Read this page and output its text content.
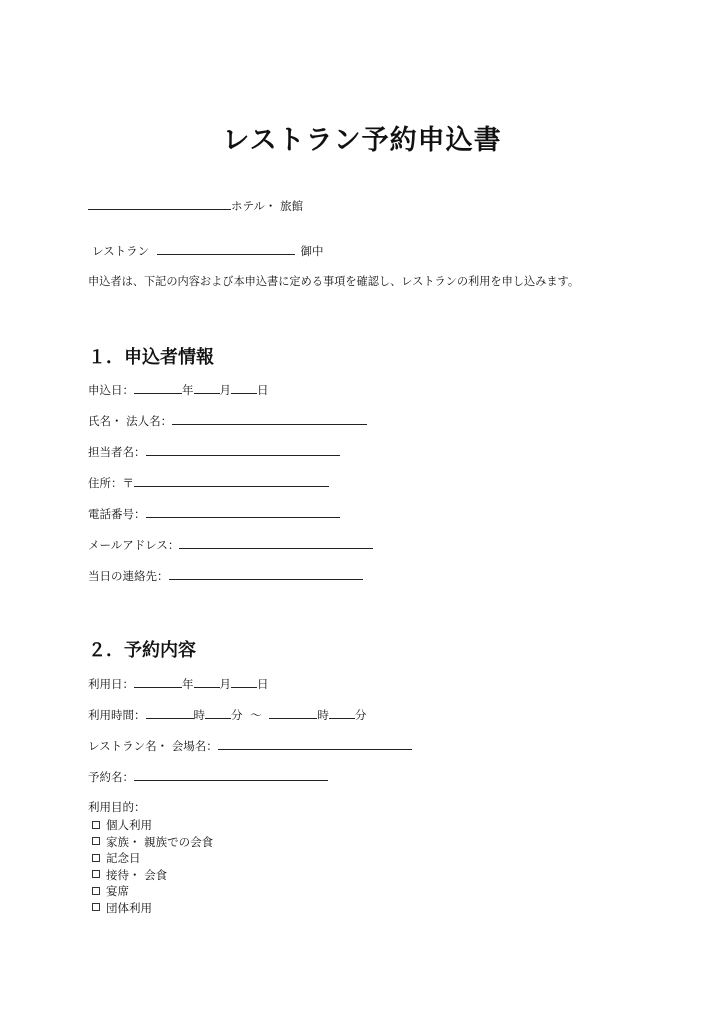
レストラン予約申込書
ホテル・ 旅館
レストラン	御中
申込者は、下記の内容および本申込書に定める事項を確認し、レストランの利用を申し込みます。
１．申込者情報
申込日：	年 月 日
氏名・ 法人名：
担当者名：
住所：〒
電話番号：
メールアドレス：
当日の連絡先：
２．予約内容
利用日：	年 月 日
利用時間：	時 分 ～	時 分
レストラン名・ 会場名：
予約名：
利用目的：
個人利用
家族・ 親族での会食
記念日
接待・ 会食
宴席
団体利用
